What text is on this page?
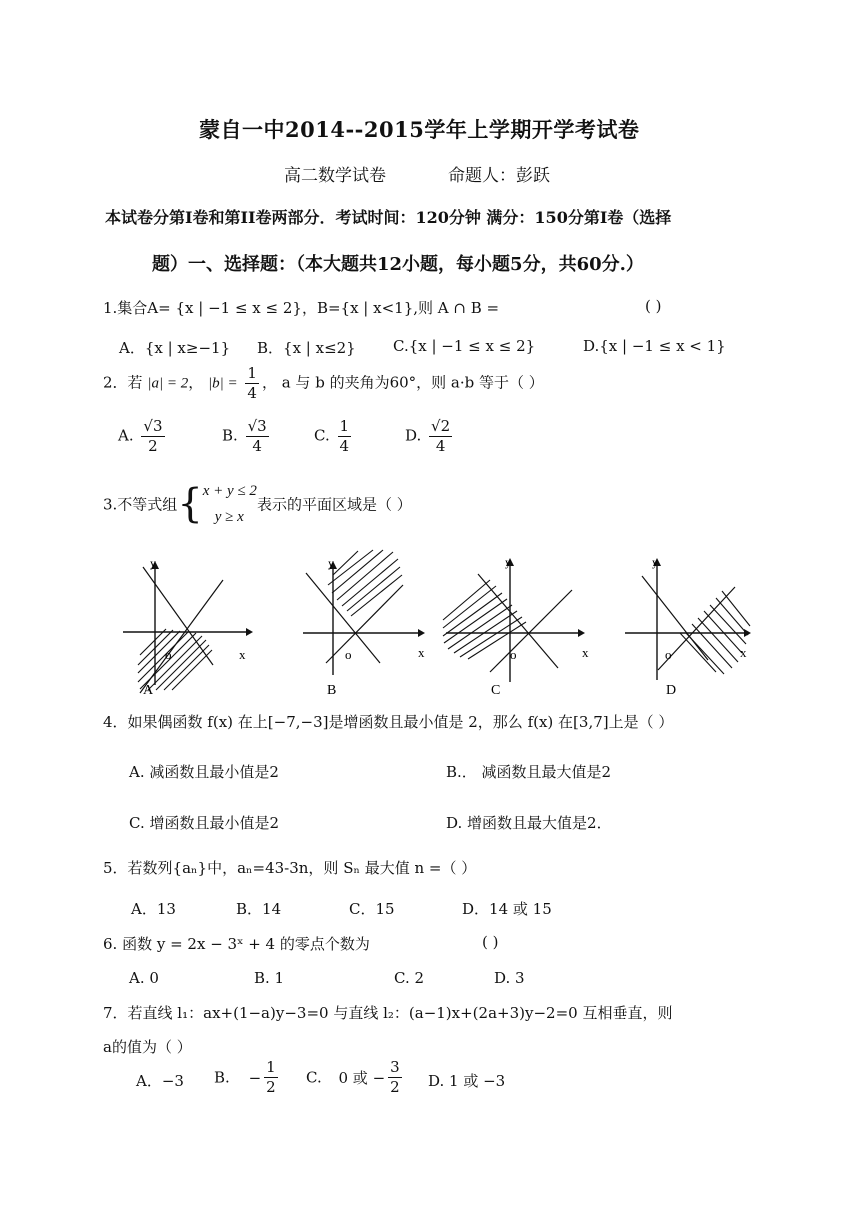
蒙自一中2014--2015学年上学期开学考试卷
高二数学试卷	命题人：彭跃
本试卷分第I卷和第II卷两部分．考试时间：120分钟 满分：150分第Ⅰ卷（选择
题）一、选择题：（本大题共12小题，每小题5分，共60分.）
1.集合A= {x | −1 ≤ x ≤ 2}，B={x | x<1},则 A ∩ B =	( )
A．{x | x≥−1} B．{x | x≤2} C.{x | −1 ≤ x ≤ 2}	D.{x | −1 ≤ x < 1}
2．若 |a| = 2， $|b| = \frac{1}{4}$ ， a 与 b 的夹角为60°，则 a·b 等于（ ）
A. $\frac{√3}{2}$	B. $\frac{√3}{4}$	C. $\frac{1}{4}$	D. $\frac{√2}{4}$
3.不等式组{ x + y ≤ 2
y ≥ x
表示的平面区域是（ ）
y
x
o
A
y
x
o
B
y
x
o
C
y
x
o
D
4．如果偶函数 f(x) 在上[−7,−3]是增函数且最小值是 2，那么 f(x) 在[3,7]上是（ ）
A. 减函数且最小值是2	B.． 减函数且最大值是2
C. 增函数且最小值是2	D. 增函数且最大值是2．
5．若数列{aₙ}中，aₙ=43-3n，则 Sₙ 最大值 n =（ ）
A．13	B．14	C．15	D．14 或 15
6. 函数 y = 2x − 3ˣ + 4 的零点个数为	( )
A. 0	B. 1	C. 2	D. 3
7．若直线 l₁：ax+(1−a)y−3=0 与直线 l₂：(a−1)x+(2a+3)y−2=0 互相垂直，则
a的值为（ ）
A．−3 B. − $\frac{1}{2} C$. 0 或 − $\frac{3}{2} D$. 1 或 −3
